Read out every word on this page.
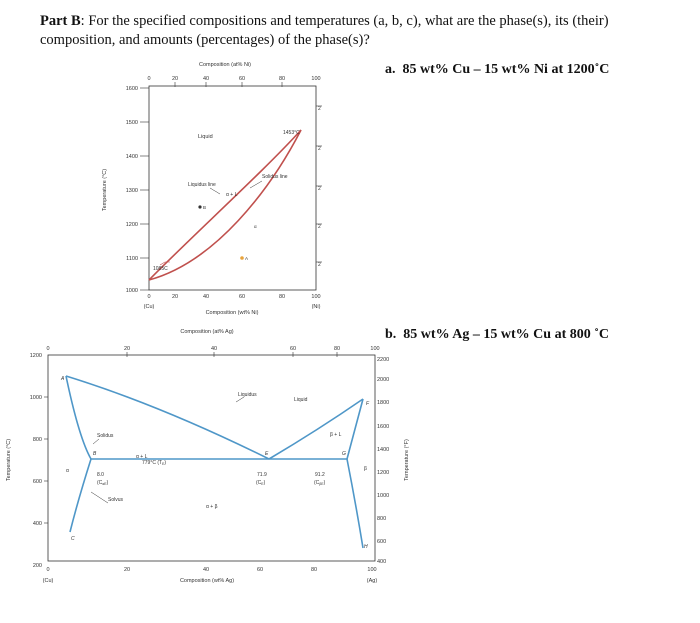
Part B: For the specified compositions and temperatures (a, b, c), what are the phase(s), its (their) composition, and amounts (percentages) of the phase(s)?

a. 85 wt% Cu – 15 wt% Ni at 1200˚C

b. 85 wt% Ag – 15 wt% Cu at 800 ˚C

Composition (at% Ni)
0	20	40	60	80	100
1600
1500
1400
1300
1200
1100
1000
Temperature (°C)
0	20	40	60	80	100
(Cu)	(Ni)
Composition (wt% Ni)
2
2
2
2
2
Liquid
Liquidus line
Solidus line
α + L
1453°C
1085C
α
B
A
Composition (at% Ag)
0	20	40	60	80	100
1200
1000
800
600
400
200
Temperature (°C)
2200
2000
1800
1600
1400
1200
1000
800
600
400
Temperature (°F)
0	20	40	60	80	100
(Cu)	(Ag)
Composition (wt% Ag)
A
B
C
E
F
G
H
α	β
Liquidus
Liquid
Solidus
Solvus
α + L
β + L
α + β
779°C $(T_E)$
8.0
$(C_{\alpha E})$
71.9
$(C_E)$
91.2
$(C_{\beta E})$
